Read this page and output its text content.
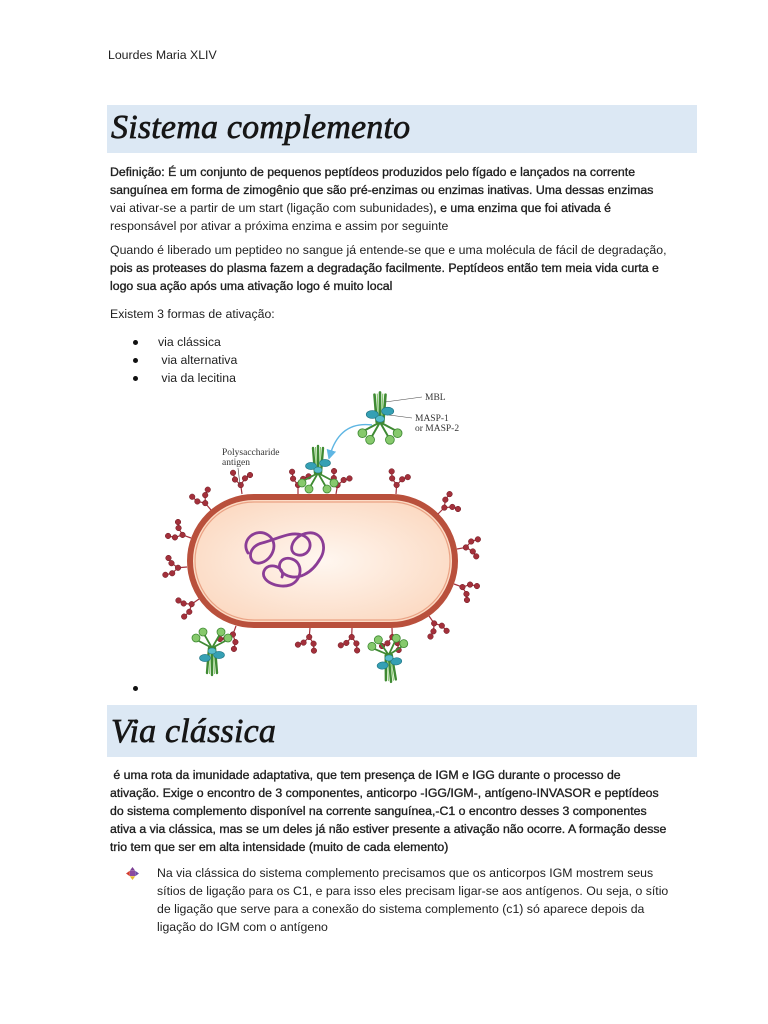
Lourdes Maria XLIV
Sistema complemento

Definição: É um conjunto de pequenos peptídeos produzidos pelo fígado e lançados na corrente
sanguínea em forma de zimogênio que são pré-enzimas ou enzimas inativas. Uma dessas enzimas
vai ativar-se a partir de um start (ligação com subunidades), e uma enzima que foi ativada é
responsável por ativar a próxima enzima e assim por seguinte

Quando é liberado um peptideo no sangue já entende-se que e uma molécula de fácil de degradação,
pois as proteases do plasma fazem a degradação facilmente. Peptídeos então tem meia vida curta e
logo sua ação após uma ativação logo é muito local

Existem 3 formas de ativação:

via clássica
via alternativa
via da lecitina
MBL
MASP-1
or MASP-2
Polysaccharide
antigen
Via clássica

é uma rota da imunidade adaptativa, que tem presença de IGM e IGG durante o processo de
ativação. Exige o encontro de 3 componentes, anticorpo -IGG/IGM-, antígeno-INVASOR e peptídeos
do sistema complemento disponível na corrente sanguínea,-C1 o encontro desses 3 componentes
ativa a via clássica, mas se um deles já não estiver presente a ativação não ocorre. A formação desse
trio tem que ser em alta intensidade (muito de cada elemento)

Na via clássica do sistema complemento precisamos que os anticorpos IGM mostrem seus
sítios de ligação para os C1, e para isso eles precisam ligar-se aos antígenos. Ou seja, o sítio
de ligação que serve para a conexão do sistema complemento (c1) só aparece depois da
ligação do IGM com o antígeno
